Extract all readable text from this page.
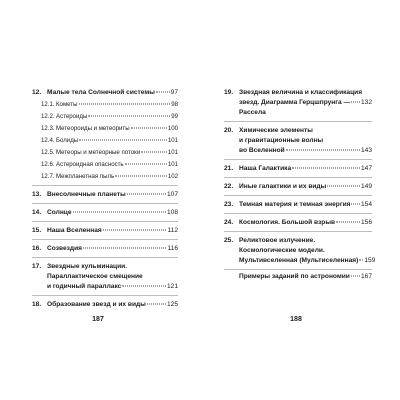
12. Малые тела Солнечной системы 97
12.1. Кометы	98
12.2. Астероиды	99
12.3. Метеороиды и метеориты	100
12.4. Болиды	101
12.5. Метеоры и метеорные потоки	101
12.6. Астероидная опасность	101
12.7. Межпланетная пыль	102
13. Внесолнечные планеты	107
14. Солнце	108
15. Наша Вселенная	112
16. Созвездия	116
17. Звездные кульминации.
Параллактическое смещение
и годичный параллакс	121
18. Образование звезд и их виды	125
19. Звездная величина и классификация
звезд. Диаграмма Герцшпрунга — 132
Рассела
20. Химические элементы
и гравитационные волны
во Вселенной	143
21. Наша Галактика	147
22. Иные галактики и их виды	149
23. Темная материя и темная энергия 154
24. Космология. Большой взрыв	156
25. Реликтовое излучение.
Космологические модели.
Мультивселенная (Мультиселенная) 159
Примеры заданий по астрономии 167
187	188
